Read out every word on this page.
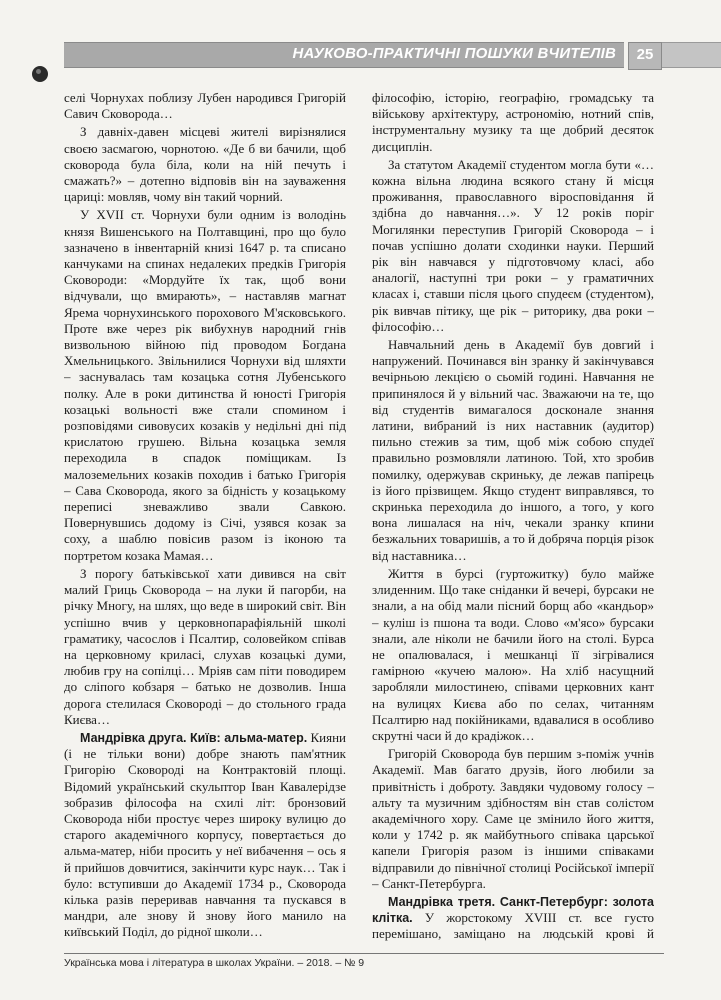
НАУКОВО-ПРАКТИЧНІ ПОШУКИ ВЧИТЕЛІВ	25

селі Чорнухах поблизу Лубен народився Григорій Савич Сковорода…

З давніх-давен місцеві жителі вирізнялися своєю засмагою, чорнотою. «Де б ви бачили, щоб сковорода була біла, коли на ній печуть і смажать?» – дотепно відповів він на зауваження цариці: мовляв, чому він такий чорний.

У XVII ст. Чорнухи були одним із володінь князя Вишенського на Полтавщині, про що було зазначено в інвентарній книзі 1647 р. та списано канчуками на спинах недалеких предків Григорія Сковороди: «Мордуйте їх так, щоб вони відчували, що вмирають», – наставляв магнат Ярема чорнухинського порохового М'ясковського. Проте вже через рік вибухнув народний гнів визвольною війною під проводом Богдана Хмельницького. Звільнилися Чорнухи від шляхти – заснувалась там козацька сотня Лубенського полку. Але в роки дитинства й юності Григорія козацькі вольності вже стали спомином і розповідями сивовусих козаків у недільні дні під крислатою грушею. Вільна козацька земля переходила в спадок поміщикам. Із малоземельних козаків походив і батько Григорія – Сава Сковорода, якого за бідність у козацькому переписі зневажливо звали Савкою. Повернувшись додому із Січі, узявся козак за соху, а шаблю повісив разом із іконою та портретом козака Мамая…

З порогу батьківської хати дивився на світ малий Гриць Сковорода – на луки й пагорби, на річку Многу, на шлях, що веде в широкий світ. Він успішно вчив у церковнопарафіяльній школі граматику, часослов і Псалтир, соловейком співав на церковному криласі, слухав козацькі думи, любив гру на сопілці… Мріяв сам піти поводирем до сліпого кобзаря – батько не дозволив. Інша дорога стелилася Сковороді – до стольного града Києва…

Мандрівка друга. Київ: альма-матер. Кияни (і не тільки вони) добре знають пам'ятник Григорію Сковороді на Контрактовій площі. Відомий український скульптор Іван Кавалерідзе зобразив філософа на схилі літ: бронзовий Сковорода ніби простує через широку вулицю до старого академічного корпусу, повертається до альма-матер, ніби просить у неї вибачення – ось я й прийшов довчитися, закінчити курс наук… Так і було: вступивши до Академії 1734 р., Сковорода кілька разів переривав навчання та пускався в мандри, але знову й знову його манило на київський Поділ, до рідної школи…

філософію, історію, географію, громадську та військову архітектуру, астрономію, нотний спів, інструментальну музику та ще добрий десяток дисциплін.

За статутом Академії студентом могла бути «…кожна вільна людина всякого стану й місця проживання, православного віросповідання й здібна до навчання…». У 12 років поріг Могилянки переступив Григорій Сковорода – і почав успішно долати сходинки науки. Перший рік він навчався у підготовчому класі, або аналогії, наступні три роки – у граматичних класах і, ставши після цього спудеєм (студентом), рік вивчав пітику, ще рік – риторику, два роки – філософію…

Навчальний день в Академії був довгий і напружений. Починався він зранку й закінчувався вечірньою лекцією о сьомій годині. Навчання не припинялося й у вільний час. Зважаючи на те, що від студентів вимагалося досконале знання латини, вибраний із них наставник (аудитор) пильно стежив за тим, щоб між собою спудеї правильно розмовляли латиною. Той, хто зробив помилку, одержував скриньку, де лежав папірець із його прізвищем. Якщо студент виправлявся, то скринька переходила до іншого, а того, у кого вона лишалася на ніч, чекали зранку кпини безжальних товаришів, а то й добряча порція різок від наставника…

Життя в бурсі (гуртожитку) було майже злиденним. Що таке сніданки й вечері, бурсаки не знали, а на обід мали пісний борщ або «кандьор» – куліш із пшона та води. Слово «м'ясо» бурсаки знали, але ніколи не бачили його на столі. Бурса не опалювалася, і мешканці її зігрівалися гамірною «кучею малою». На хліб насущний заробляли милостинею, співами церковних кант на вулицях Києва або по селах, читанням Псалтирю над покійниками, вдавалися в особливо скрутні часи й до крадіжок…

Григорій Сковорода був першим з-поміж учнів Академії. Мав багато друзів, його любили за привітність і доброту. Завдяки чудовому голосу – альту та музичним здібностям він став солістом академічного хору. Саме це змінило його життя, коли у 1742 р. як майбутнього співака царської капели Григорія разом із іншими співаками відправили до північної столиці Російської імперії – Санкт-Петербурга.

Мандрівка третя. Санкт-Петербург: золота клітка. У жорстокому XVIII ст. все густо перемішано, заміщано на людській крові й

Українська мова і література в школах України. – 2018. – № 9
